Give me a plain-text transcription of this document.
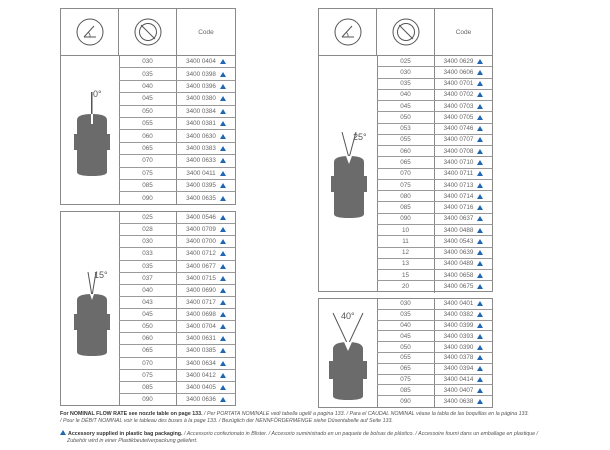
Code	Code
0°
030	3400 0404
035	3400 0398
040	3400 0396
045	3400 0380
050	3400 0384
055	3400 0381
060	3400 0630
065	3400 0383
070	3400 0633
075	3400 0411
085	3400 0395
090	3400 0635
15°
025	3400 0546
028	3400 0709
030	3400 0700
033	3400 0712
035	3400 0677
037	3400 0715
040	3400 0690
043	3400 0717
045	3400 0698
050	3400 0704
060	3400 0631
065	3400 0385
070	3400 0634
075	3400 0412
085	3400 0405
090	3400 0636
25°
025	3400 0629
030	3400 0606
035	3400 0701
040	3400 0702
045	3400 0703
050	3400 0705
053	3400 0746
055	3400 0707
060	3400 0708
065	3400 0710
070	3400 0711
075	3400 0713
080	3400 0714
085	3400 0716
090	3400 0637
10	3400 0488
11	3400 0543
12	3400 0639
13	3400 0489
15	3400 0658
20	3400 0675
40°
030	3400 0401
035	3400 0382
040	3400 0399
045	3400 0393
050	3400 0390
055	3400 0378
065	3400 0394
075	3400 0414
085	3400 0407
090	3400 0638
For NOMINAL FLOW RATE see nozzle table on page 133. / Per PORTATA NOMINALE vedi tabella ugelli a pagina 133. / Para el CAUDAL NOMINAL véase la tabla de las boquillas en la página 133.
/ Pour le DÉBIT NOMINAL voir le tableau des buses à la page 133. / Bezüglich der NENNFÖRDERMENGE siehe Düsentabelle auf Seite 133.
Accessory supplied in plastic bag packaging. / Accessorio confezionato in Blister. / Accesorio suministrado en un paquete de bolsas de plástico. / Accessoire fourni dans un emballage en plastique /
Zubehör wird in einer Plastikbeutelverpackung geliefert.
